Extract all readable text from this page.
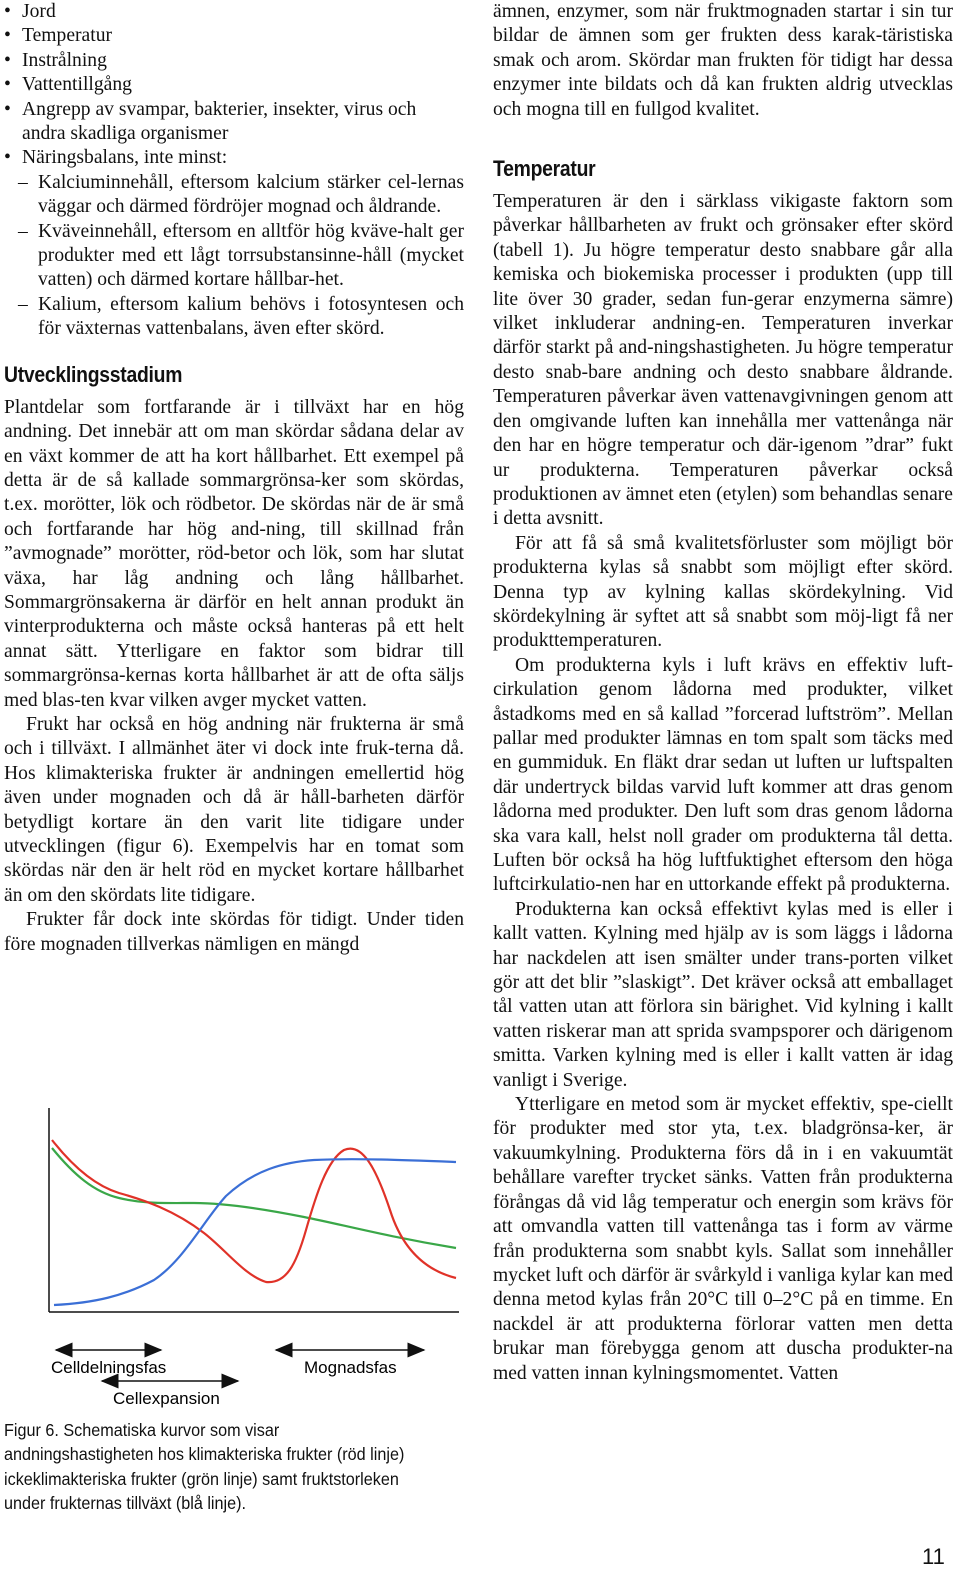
• Jord
• Temperatur
• Instrålning
• Vattentillgång
• Angrepp av svampar, bakterier, insekter, virus och andra skadliga organismer
• Näringsbalans, inte minst:
– Kalciuminnehåll, eftersom kalcium stärker cel-lernas väggar och därmed fördröjer mognad och åldrande.
– Kväveinnehåll, eftersom en alltför hög kväve-halt ger produkter med ett lågt torrsubstansinne-håll (mycket vatten) och därmed kortare hållbar-het.
– Kalium, eftersom kalium behövs i fotosyntesen och för växternas vattenbalans, även efter skörd.
Utvecklingsstadium

Plantdelar som fortfarande är i tillväxt har en hög andning. Det innebär att om man skördar sådana delar av en växt kommer de att ha kort hållbarhet. Ett exempel på detta är de så kallade sommargrönsa-ker som skördas, t.ex. morötter, lök och rödbetor. De skördas när de är små och fortfarande har hög and-ning, till skillnad från ”avmognade” morötter, röd-betor och lök, som har slutat växa, har låg andning och lång hållbarhet. Sommargrönsakerna är därför en helt annan produkt än vinterprodukterna och måste också hanteras på ett helt annat sätt. Ytterligare en faktor som bidrar till sommargrönsa-kernas korta hållbarhet är att de ofta säljs med blas-ten kvar vilken avger mycket vatten.

Frukt har också en hög andning när frukterna är små och i tillväxt. I allmänhet äter vi dock inte fruk-terna då. Hos klimakteriska frukter är andningen emellertid hög även under mognaden och då är håll-barheten därför betydligt kortare än den varit lite tidigare under utvecklingen (figur 6). Exempelvis har en tomat som skördas när den är helt röd en mycket kortare hållbarhet än om den skördats lite tidigare.

Frukter får dock inte skördas för tidigt. Under tiden före mognaden tillverkas nämligen en mängd

Celldelningsfas	Mognadsfas
Cellexpansion
Figur 6. Schematiska kurvor som visar andningshastigheten hos klimakteriska frukter (röd linje) ickeklimakteriska frukter (grön linje) samt fruktstorleken under frukternas tillväxt (blå linje).

ämnen, enzymer, som när fruktmognaden startar i sin tur bildar de ämnen som ger frukten dess karak-täristiska smak och arom. Skördar man frukten för tidigt har dessa enzymer inte bildats och då kan frukten aldrig utvecklas och mogna till en fullgod kvalitet.

Temperatur

Temperaturen är den i särklass vikigaste faktorn som påverkar hållbarheten av frukt och grönsaker efter skörd (tabell 1). Ju högre temperatur desto snabbare går alla kemiska och biokemiska processer i produkten (upp till lite över 30 grader, sedan fun-gerar enzymerna sämre) vilket inkluderar andning-en. Temperaturen inverkar därför starkt på and-ningshastigheten. Ju högre temperatur desto snab-bare andning och desto snabbare åldrande. Temperaturen påverkar även vattenavgivningen genom att den omgivande luften kan innehålla mer vattenånga när den har en högre temperatur och där-igenom ”drar” fukt ur produkterna. Temperaturen påverkar också produktionen av ämnet eten (etylen) som behandlas senare i detta avsnitt.

För att få så små kvalitetsförluster som möjligt bör produkterna kylas så snabbt som möjligt efter skörd. Denna typ av kylning kallas skördekylning. Vid skördekylning är syftet att så snabbt som möj-ligt få ner produkttemperaturen.

Om produkterna kyls i luft krävs en effektiv luft-cirkulation genom lådorna med produkter, vilket åstadkoms med en så kallad ”forcerad luftström”. Mellan pallar med produkter lämnas en tom spalt som täcks med en gummiduk. En fläkt drar sedan ut luften ur luftspalten där undertryck bildas varvid luft kommer att dras genom lådorna med produkter. Den luft som dras genom lådorna ska vara kall, helst noll grader om produkterna tål detta. Luften bör också ha hög luftfuktighet eftersom den höga luftcirkulatio-nen har en uttorkande effekt på produkterna.

Produkterna kan också effektivt kylas med is eller i kallt vatten. Kylning med hjälp av is som läggs i lådorna har nackdelen att isen smälter under trans-porten vilket gör att det blir ”slaskigt”. Det kräver också att emballaget tål vatten utan att förlora sin bärighet. Vid kylning i kallt vatten riskerar man att sprida svampsporer och därigenom smitta. Varken kylning med is eller i kallt vatten är idag vanligt i Sverige.

Ytterligare en metod som är mycket effektiv, spe-ciellt för produkter med stor yta, t.ex. bladgrönsa-ker, är vakuumkylning. Produkterna förs då in i en vakuumtät behållare varefter trycket sänks. Vatten från produkterna förångas då vid låg temperatur och energin som krävs för att omvandla vatten till vattenånga tas i form av värme från produkterna som snabbt kyls. Sallat som innehåller mycket luft och därför är svårkyld i vanliga kylar kan med denna metod kylas från 20°C till 0–2°C på en timme. En nackdel är att produkterna förlorar vatten men detta brukar man förebygga genom att duscha produkter-na med vatten innan kylningsmomentet. Vatten

11
